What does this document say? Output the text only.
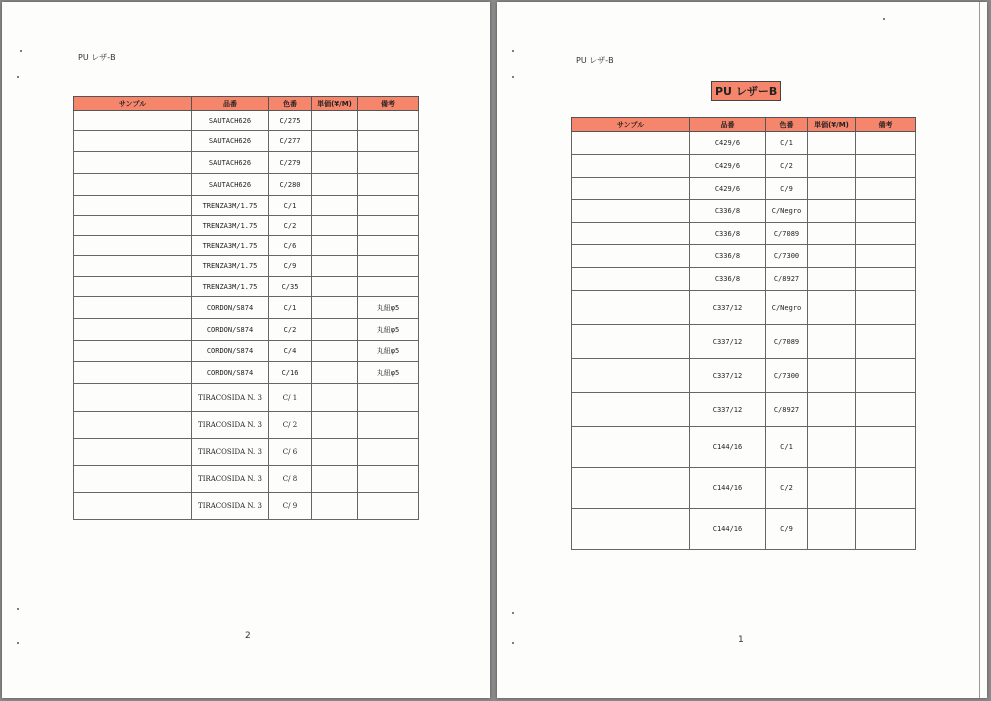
PU レザ-B
2
PU レザ-B
PU レザーB
1
サンプル	品番	色番	単価(¥/M)	備考

	SAUTACH626	C/275		

	SAUTACH626	C/277		

	SAUTACH626	C/279		

	SAUTACH626	C/280		

	TRENZA3M/1.75	C/1		

	TRENZA3M/1.75	C/2		

	TRENZA3M/1.75	C/6		

	TRENZA3M/1.75	C/9		

	TRENZA3M/1.75	C/35		

	CORDON/S874	C/1		丸紐φ5

	CORDON/S874	C/2		丸紐φ5

	CORDON/S874	C/4		丸紐φ5

	CORDON/S874	C/16		丸紐φ5

	TIRACOSIDA N. 3	C/ 1		

	TIRACOSIDA N. 3	C/ 2		

	TIRACOSIDA N. 3	C/ 6		

	TIRACOSIDA N. 3	C/ 8		

	TIRACOSIDA N. 3	C/ 9		
サンプル	品番	色番	単価(¥/M)	備考

	C429/6	C/1		

	C429/6	C/2		

	C429/6	C/9		

	C336/8	C/Negro		

	C336/8	C/7089		

	C336/8	C/7300		

	C336/8	C/8927		

	C337/12	C/Negro		

	C337/12	C/7089		

	C337/12	C/7300		

	C337/12	C/8927		

	C144/16	C/1		

	C144/16	C/2		

	C144/16	C/9		
